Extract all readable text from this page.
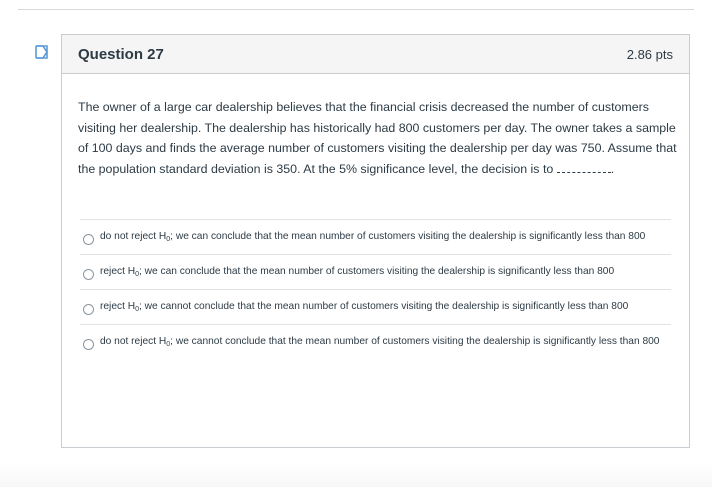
Question 27	2.86 pts
The owner of a large car dealership believes that the financial crisis decreased the number of customers visiting her dealership. The dealership has historically had 800 customers per day. The owner takes a sample of 100 days and finds the average number of customers visiting the dealership per day was 750. Assume that the population standard deviation is 350. At the 5% significance level, the decision is to	.
do not reject H0; we can conclude that the mean number of customers visiting the dealership is significantly less than 800
reject H0; we can conclude that the mean number of customers visiting the dealership is significantly less than 800
reject H0; we cannot conclude that the mean number of customers visiting the dealership is significantly less than 800
do not reject H0; we cannot conclude that the mean number of customers visiting the dealership is significantly less than 800
